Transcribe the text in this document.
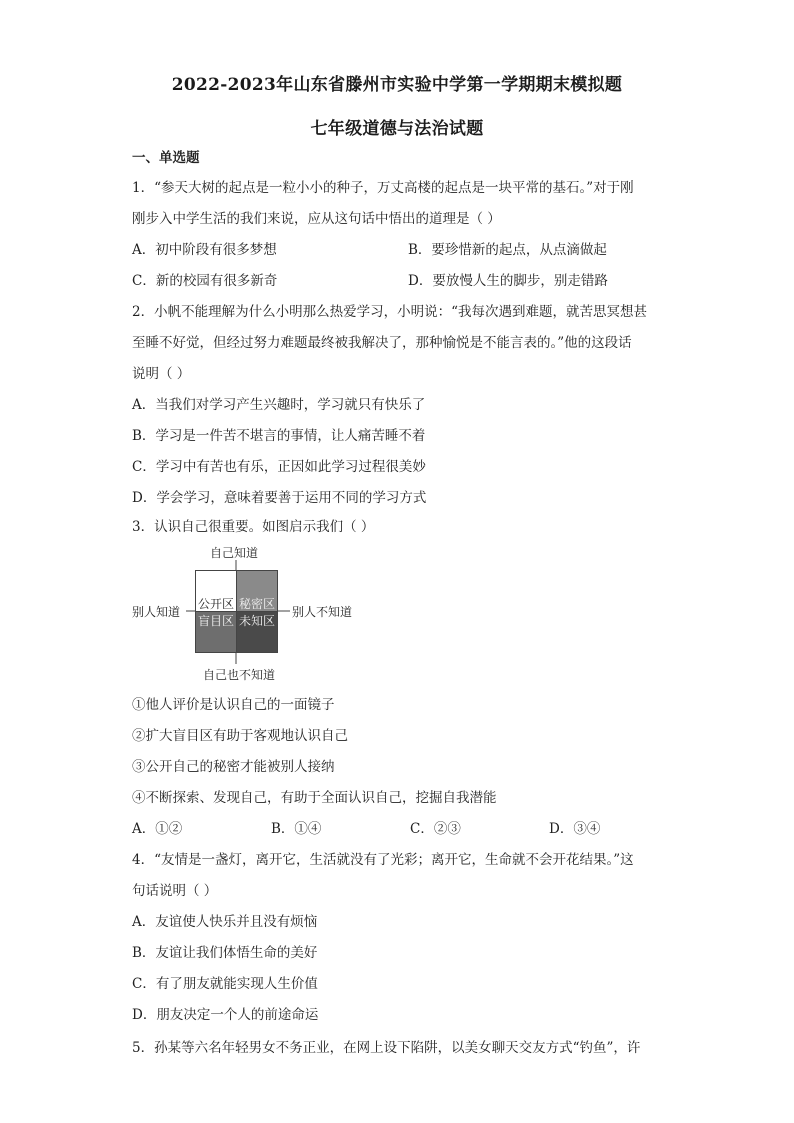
2022-2023年山东省滕州市实验中学第一学期期末模拟题
七年级道德与法治试题
一、单选题
1．“参天大树的起点是一粒小小的种子，万丈高楼的起点是一块平常的基石。”对于刚
刚步入中学生活的我们来说，应从这句话中悟出的道理是（ ）
A．初中阶段有很多梦想	B．要珍惜新的起点，从点滴做起
C．新的校园有很多新奇	D．要放慢人生的脚步，别走错路
2．小帆不能理解为什么小明那么热爱学习，小明说：“我每次遇到难题，就苦思冥想甚
至睡不好觉，但经过努力难题最终被我解决了，那种愉悦是不能言表的。”他的这段话
说明（ ）
A．当我们对学习产生兴趣时，学习就只有快乐了
B．学习是一件苦不堪言的事情，让人痛苦睡不着
C．学习中有苦也有乐，正因如此学习过程很美妙
D．学会学习，意味着要善于运用不同的学习方式
3．认识自己很重要。如图启示我们（ ）
自己知道
自己也不知道
别人知道	别人不知道
公开区 秘密区
盲目区 未知区
①他人评价是认识自己的一面镜子
②扩大盲目区有助于客观地认识自己
③公开自己的秘密才能被别人接纳
④不断探索、发现自己，有助于全面认识自己，挖掘自我潜能
A．①②	B．①④	C．②③	D．③④
4．“友情是一盏灯，离开它，生活就没有了光彩；离开它，生命就不会开花结果。”这
句话说明（ ）
A．友谊使人快乐并且没有烦恼
B．友谊让我们体悟生命的美好
C．有了朋友就能实现人生价值
D．朋友决定一个人的前途命运
5．孙某等六名年轻男女不务正业，在网上设下陷阱，以美女聊天交友方式“钓鱼”，许
